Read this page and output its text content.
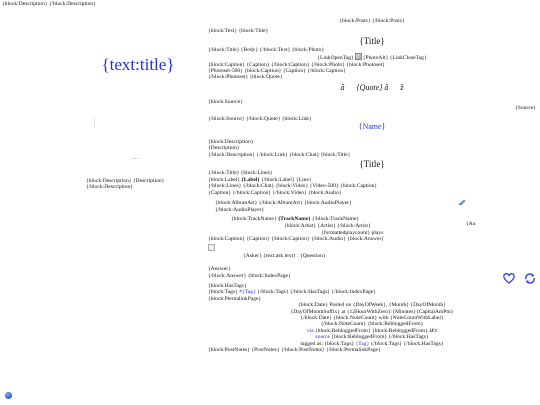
{block:Description} {/block:Description}
{text:title}
{block:Description} {Description} {/block:Description}
{block:Posts} {/block:Posts}
{block:Text} {block:Title}
{Title}
{/block:Title} {Body} {/block:Text} {block:Photo}
{LinkOpenTag} {PhotoAlt} {LinkCloseTag}
{block:Caption} {Caption} {/block:Caption} {/block:Photo} {block:Photoset}
{Photoset-500} {block:Caption} {Caption} {/block:Caption}
{/block:Photoset} {block:Quote}
â {Quote} â ž
{block:Source}
{Source}
{/block:Source} {/block:Quote} {block:Link}
{Name}
{block:Description}
{Description}
{/block:Description} {/block:Link} {block:Chat} {block:Title}
{Title}
{/block:Title} {block:Lines}
{block:Label} {Label} {/block:Label} {Line}
{/block:Lines} {/block:Chat} {block:Video} {Video-500} {block:Caption}
{Caption} {/block:Caption} {/block:Video} {block:Audio}
{block:AlbumArt} {/block:AlbumArt} {block:AudioPlayer}
{/block:AudioPlayer}
{block:TrackName} {TrackName} {/block:TrackName}
{Au
{block:Artist} {Artist} {/block:Artist}
{formattedplaycount} plays
{block:Caption} {Caption} {/block:Caption} {/block:Audio} {block:Answer}
{Asker} {text:ask text} : {Question}
{Answer}
{/block:Answer} {block:IndexPage}
{block:HasTags}
{block:Tags} #{Tag} {/block:Tags} {/block:HasTags} {/block:IndexPage}
{block:PermalinkPage}
{block:Date} Posted on {DayOfWeek}, {Month} {DayOfMonth}
{DayOfMonthSuffix} at {12HourWithZero}:{Minutes}{CapitalAmPm}
{/block:Date} {block:NoteCount} with {NoteCountWithLabel}
{/block:NoteCount} {block:RebloggedFrom}
via {block:RebloggedFrom} {block:RebloggedFrom} â€¢
source {block:RebloggedFrom} {/block:HasTags}
tagged as: {block:Tags} {Tag} {/block:Tags} {/block:HasTags}
{block:PostNotes} {PostNotes} {/block:PostNotes} {/block:PermalinkPage}
